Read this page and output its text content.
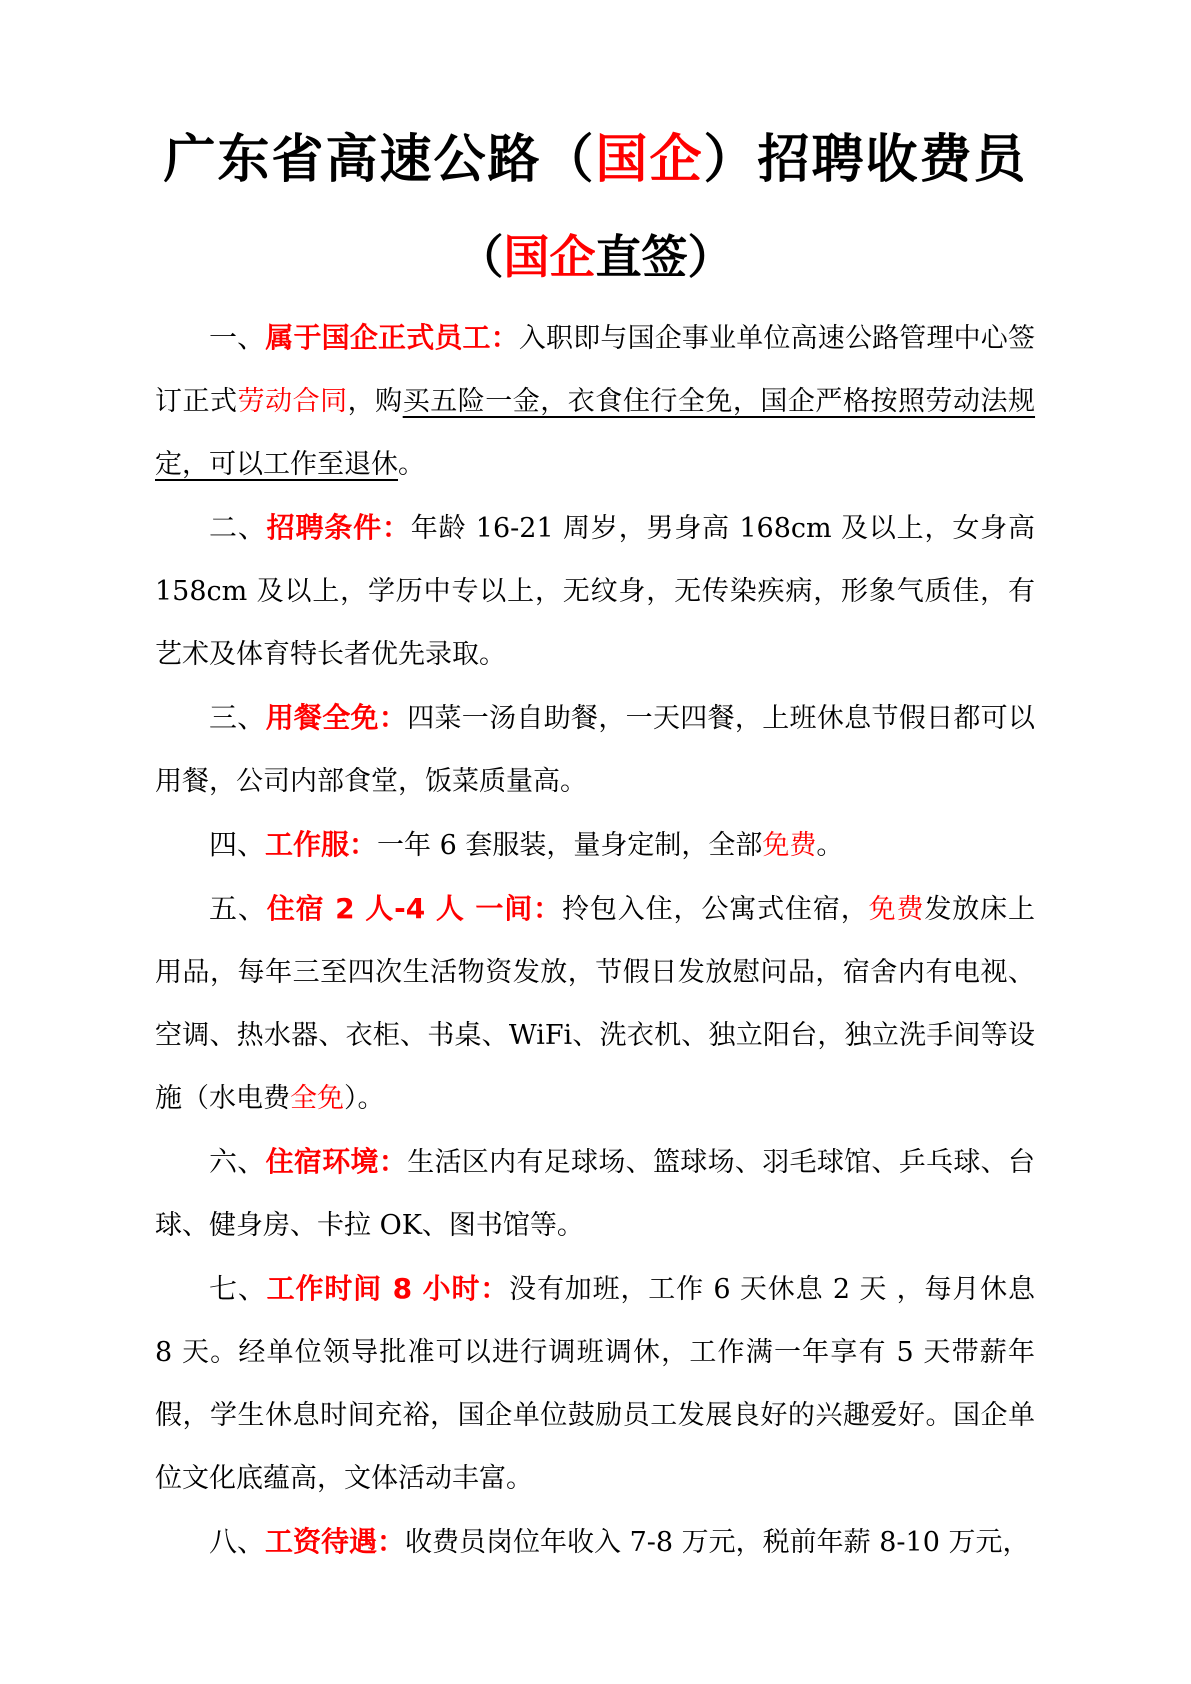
广东省高速公路（国企）招聘收费员
（国企直签）

一、属于国企正式员工：入职即与国企事业单位高速公路管理中心签订正式劳动合同，购买五险一金，衣食住行全免，国企严格按照劳动法规定，可以工作至退休。

二、招聘条件：年龄 16-21 周岁，男身高 168cm 及以上，女身高 158cm 及以上，学历中专以上，无纹身，无传染疾病，形象气质佳，有艺术及体育特长者优先录取。

三、用餐全免：四菜一汤自助餐，一天四餐，上班休息节假日都可以用餐，公司内部食堂，饭菜质量高。

四、工作服：一年 6 套服装，量身定制，全部免费。

五、住宿 2 人-4 人 一间：拎包入住，公寓式住宿，免费发放床上用品，每年三至四次生活物资发放，节假日发放慰问品，宿舍内有电视、空调、热水器、衣柜、书桌、WiFi、洗衣机、独立阳台，独立洗手间等设施（水电费全免）。

六、住宿环境：生活区内有足球场、篮球场、羽毛球馆、乒乓球、台球、健身房、卡拉 OK、图书馆等。

七、工作时间 8 小时：没有加班，工作 6 天休息 2 天 ，每月休息 8 天。经单位领导批准可以进行调班调休，工作满一年享有 5 天带薪年假，学生休息时间充裕，国企单位鼓励员工发展良好的兴趣爱好。国企单位文化底蕴高，文体活动丰富。

八、工资待遇：收费员岗位年收入 7-8 万元，税前年薪 8-10 万元，
